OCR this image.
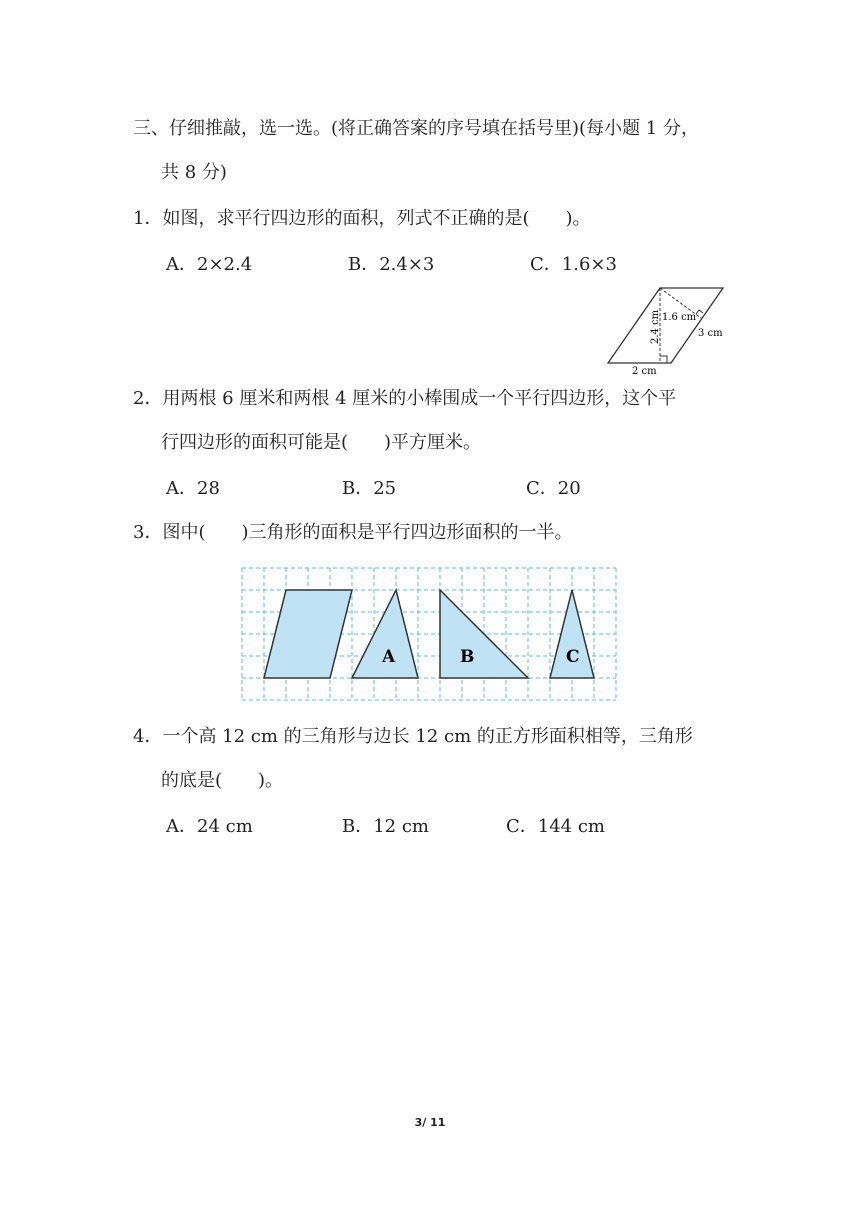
三、仔细推敲，选一选。(将正确答案的序号填在括号里)(每小题 1 分，
共 8 分)
1．如图，求平行四边形的面积，列式不正确的是(　　)。
A．2×2.4	B．2.4×3	C．1.6×3
2.4 cm 1.6 cm
3 cm
2 cm
2．用两根 6 厘米和两根 4 厘米的小棒围成一个平行四边形，这个平
行四边形的面积可能是(　　)平方厘米。
A．28	B．25	C．20
3．图中(　　)三角形的面积是平行四边形面积的一半。
A	B	C
4．一个高 12 cm 的三角形与边长 12 cm 的正方形面积相等，三角形
的底是(　　)。
A．24 cm	B．12 cm	C．144 cm
3/ 11
